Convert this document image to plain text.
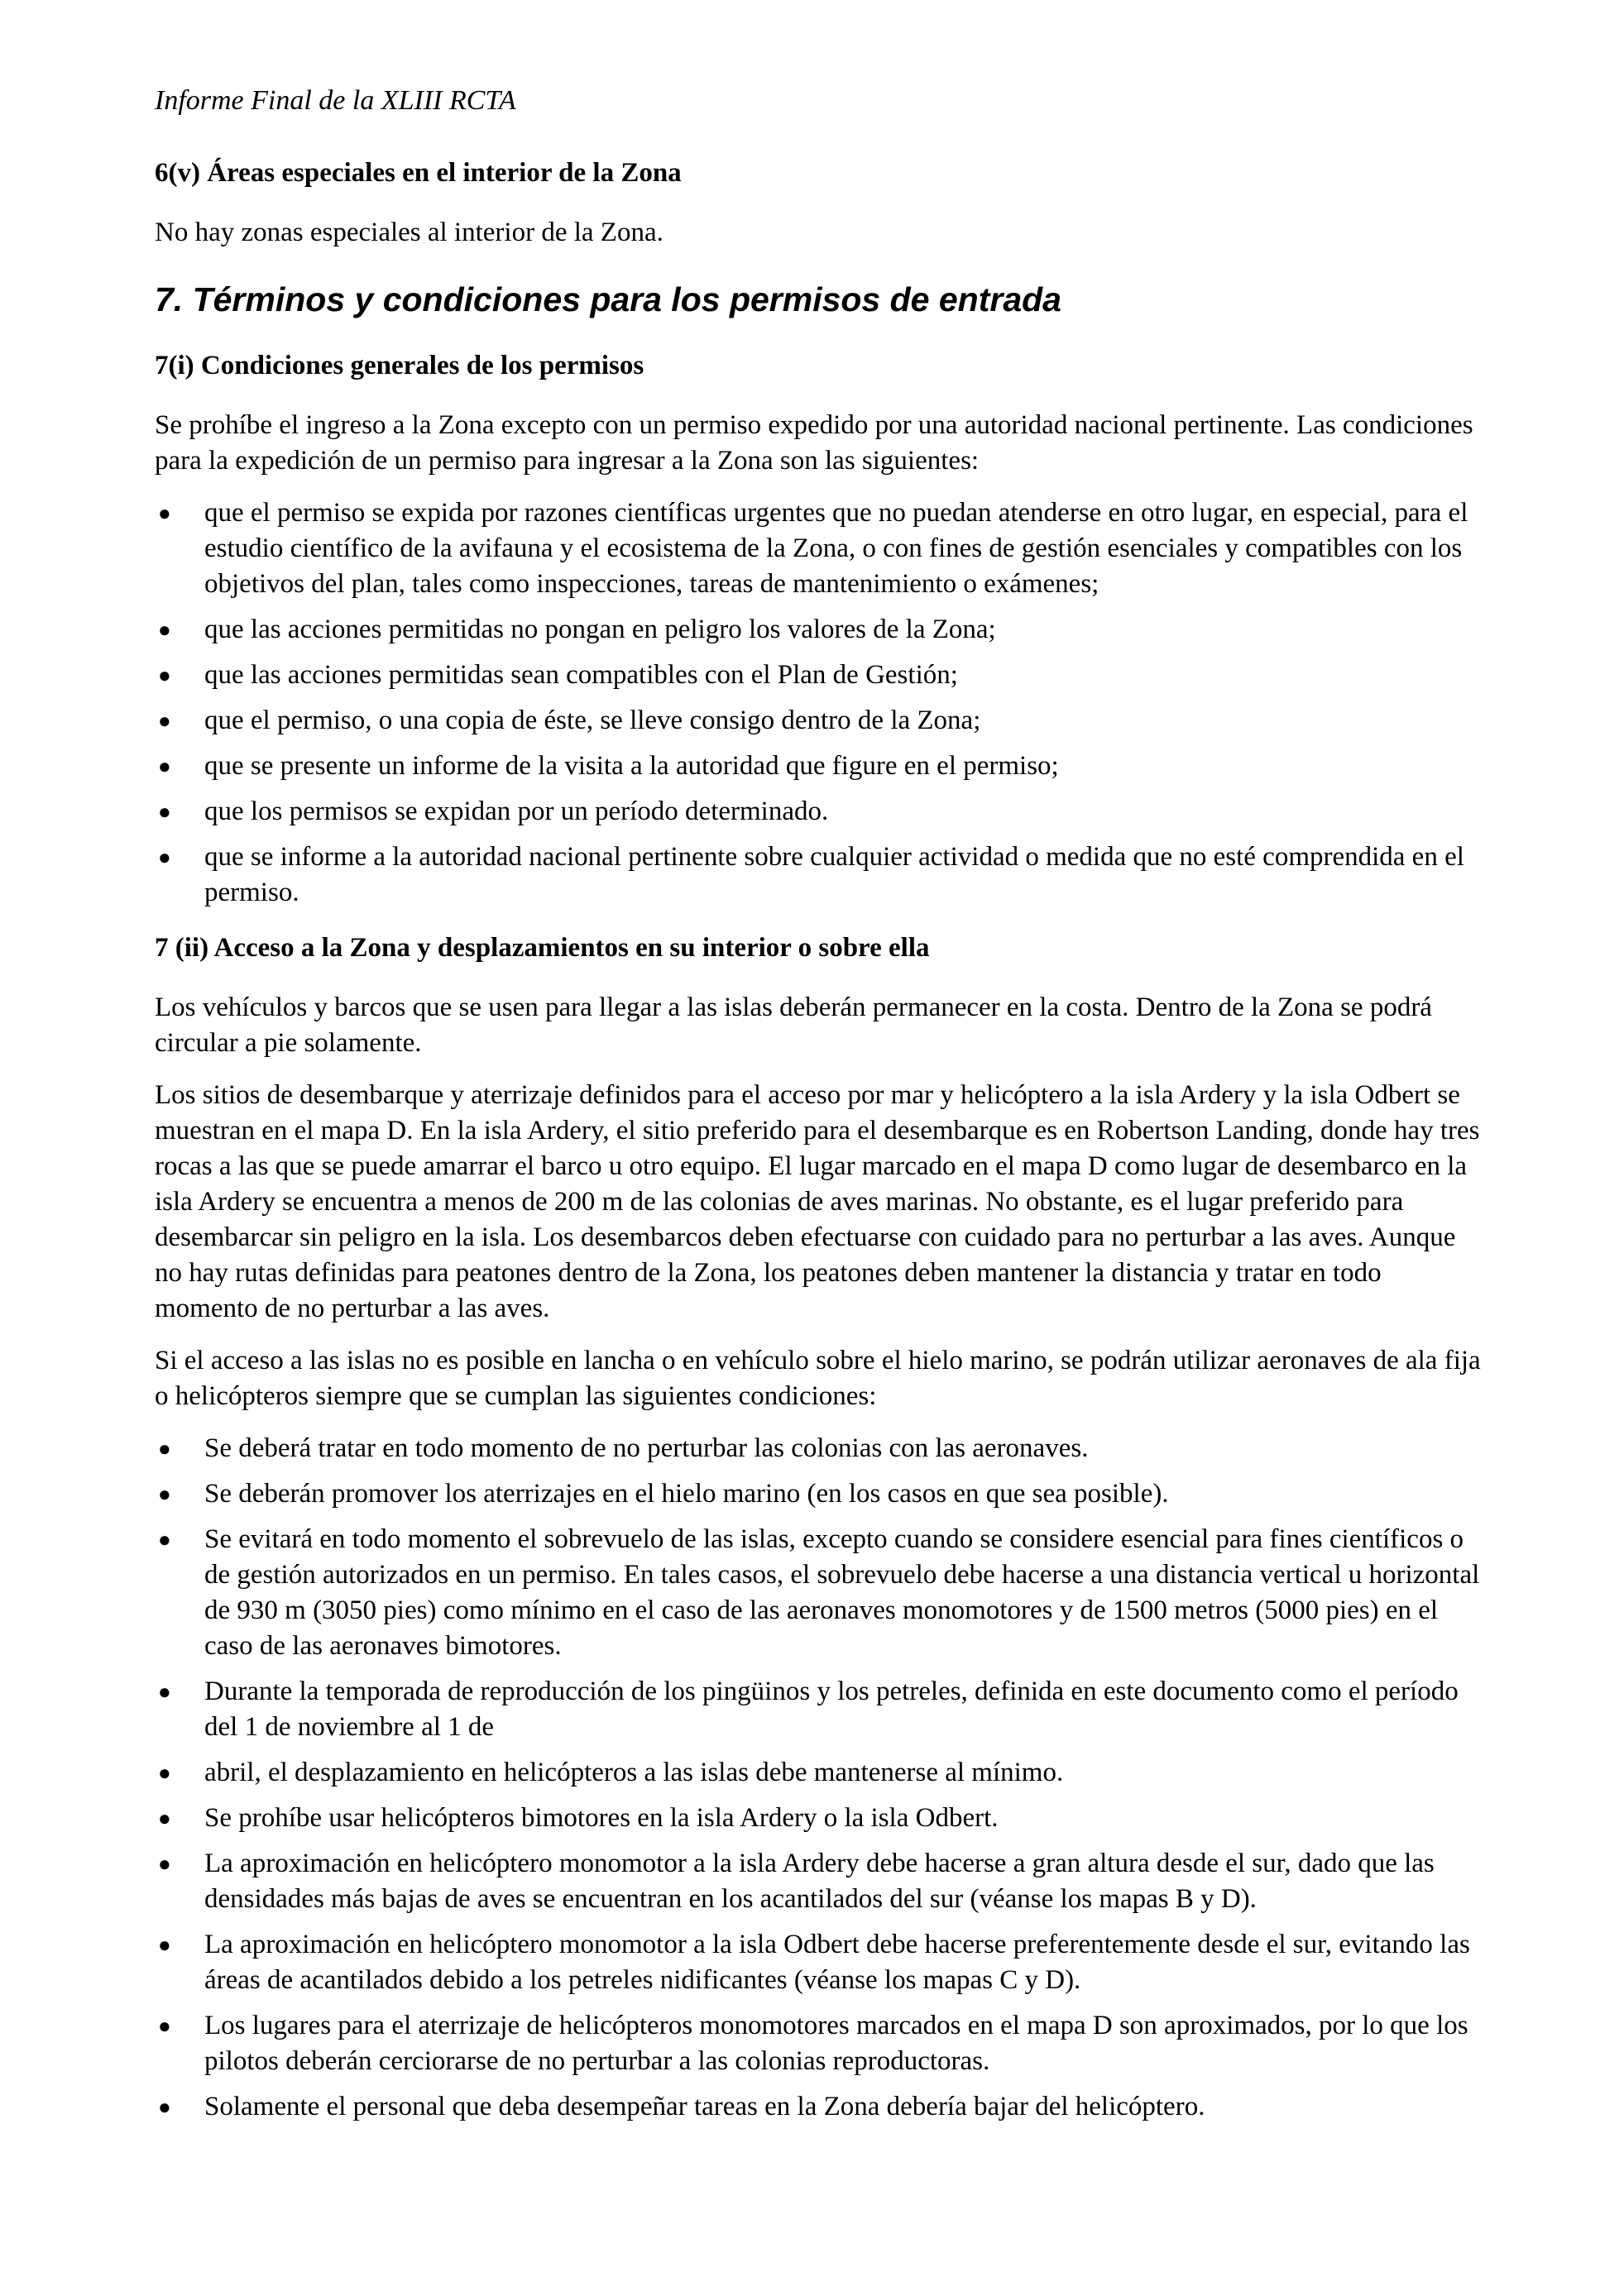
Informe Final de la XLIII RCTA
6(v) Áreas especiales en el interior de la Zona

No hay zonas especiales al interior de la Zona.

7. Términos y condiciones para los permisos de entrada
7(i) Condiciones generales de los permisos

Se prohíbe el ingreso a la Zona excepto con un permiso expedido por una autoridad nacional pertinente. Las condiciones para la expedición de un permiso para ingresar a la Zona son las siguientes:

● que el permiso se expida por razones científicas urgentes que no puedan atenderse en otro lugar, en especial, para el estudio científico de la avifauna y el ecosistema de la Zona, o con fines de gestión esenciales y compatibles con los objetivos del plan, tales como inspecciones, tareas de mantenimiento o exámenes;
● que las acciones permitidas no pongan en peligro los valores de la Zona;
● que las acciones permitidas sean compatibles con el Plan de Gestión;
● que el permiso, o una copia de éste, se lleve consigo dentro de la Zona;
● que se presente un informe de la visita a la autoridad que figure en el permiso;
● que los permisos se expidan por un período determinado.
● que se informe a la autoridad nacional pertinente sobre cualquier actividad o medida que no esté comprendida en el permiso.
7 (ii) Acceso a la Zona y desplazamientos en su interior o sobre ella

Los vehículos y barcos que se usen para llegar a las islas deberán permanecer en la costa. Dentro de la Zona se podrá circular a pie solamente.

Los sitios de desembarque y aterrizaje definidos para el acceso por mar y helicóptero a la isla Ardery y la isla Odbert se muestran en el mapa D. En la isla Ardery, el sitio preferido para el desembarque es en Robertson Landing, donde hay tres rocas a las que se puede amarrar el barco u otro equipo. El lugar marcado en el mapa D como lugar de desembarco en la isla Ardery se encuentra a menos de 200 m de las colonias de aves marinas. No obstante, es el lugar preferido para desembarcar sin peligro en la isla. Los desembarcos deben efectuarse con cuidado para no perturbar a las aves. Aunque no hay rutas definidas para peatones dentro de la Zona, los peatones deben mantener la distancia y tratar en todo momento de no perturbar a las aves.

Si el acceso a las islas no es posible en lancha o en vehículo sobre el hielo marino, se podrán utilizar aeronaves de ala fija o helicópteros siempre que se cumplan las siguientes condiciones:

● Se deberá tratar en todo momento de no perturbar las colonias con las aeronaves.
● Se deberán promover los aterrizajes en el hielo marino (en los casos en que sea posible).
● Se evitará en todo momento el sobrevuelo de las islas, excepto cuando se considere esencial para fines científicos o de gestión autorizados en un permiso. En tales casos, el sobrevuelo debe hacerse a una distancia vertical u horizontal de 930 m (3050 pies) como mínimo en el caso de las aeronaves monomotores y de 1500 metros (5000 pies) en el caso de las aeronaves bimotores.
● Durante la temporada de reproducción de los pingüinos y los petreles, definida en este documento como el período del 1 de noviembre al 1 de
● abril, el desplazamiento en helicópteros a las islas debe mantenerse al mínimo.
● Se prohíbe usar helicópteros bimotores en la isla Ardery o la isla Odbert.
● La aproximación en helicóptero monomotor a la isla Ardery debe hacerse a gran altura desde el sur, dado que las densidades más bajas de aves se encuentran en los acantilados del sur (véanse los mapas B y D).
● La aproximación en helicóptero monomotor a la isla Odbert debe hacerse preferentemente desde el sur, evitando las áreas de acantilados debido a los petreles nidificantes (véanse los mapas C y D).
● Los lugares para el aterrizaje de helicópteros monomotores marcados en el mapa D son aproximados, por lo que los pilotos deberán cerciorarse de no perturbar a las colonias reproductoras.
● Solamente el personal que deba desempeñar tareas en la Zona debería bajar del helicóptero.
